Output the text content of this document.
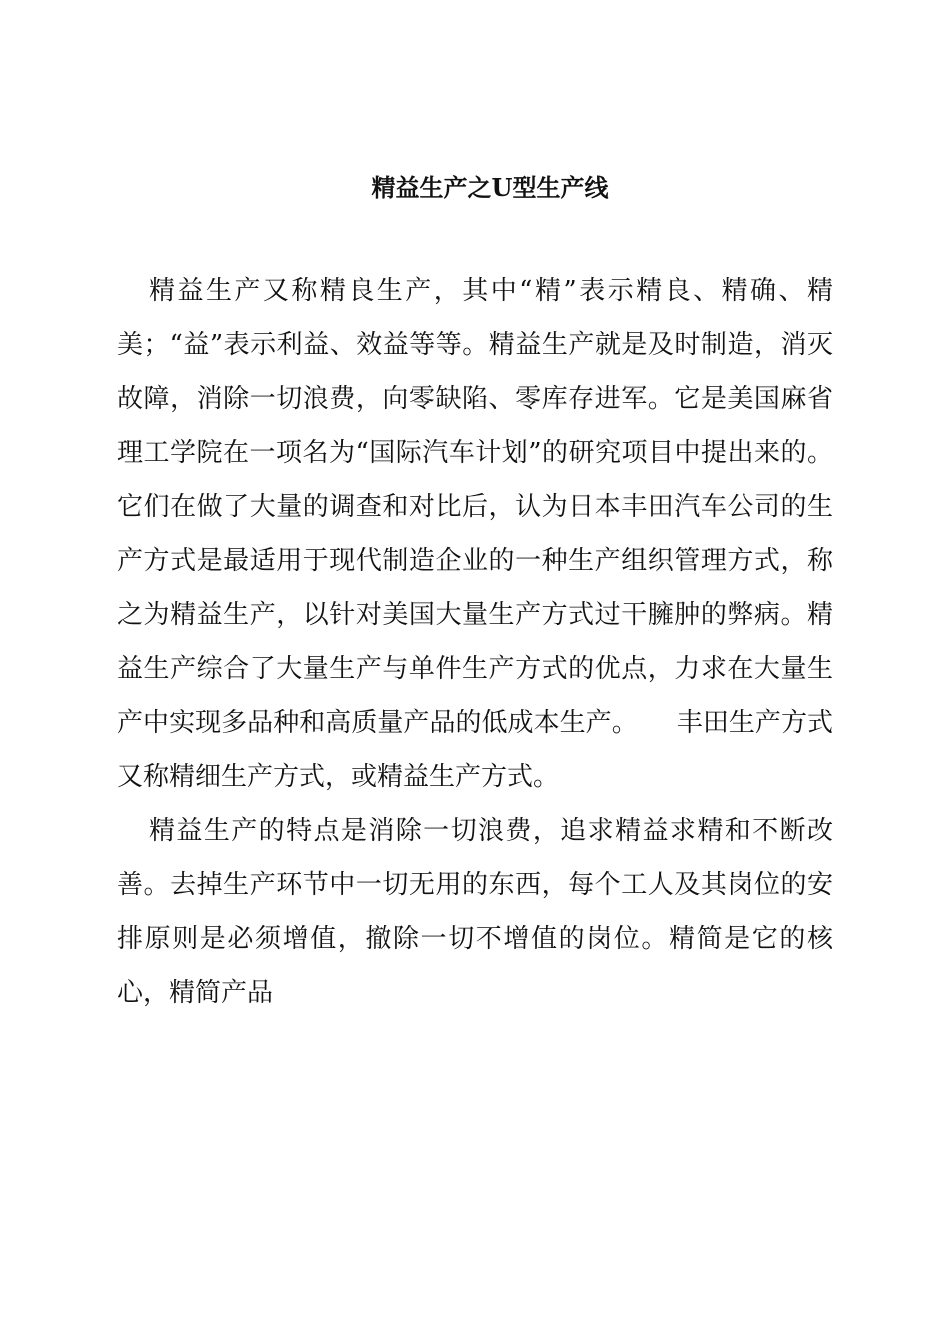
精益生产之U型生产线

精益生产又称精良生产，其中“精”表示精良、精确、精美；“益”表示利益、效益等等。精益生产就是及时制造，消灭故障，消除一切浪费，向零缺陷、零库存进军。它是美国麻省理工学院在一项名为“国际汽车计划”的研究项目中提出来的。它们在做了大量的调查和对比后，认为日本丰田汽车公司的生产方式是最适用于现代制造企业的一种生产组织管理方式，称之为精益生产，以针对美国大量生产方式过干臃肿的弊病。精益生产综合了大量生产与单件生产方式的优点，力求在大量生产中实现多品种和高质量产品的低成本生产。　　丰田生产方式又称精细生产方式，或精益生产方式。

精益生产的特点是消除一切浪费，追求精益求精和不断改善。去掉生产环节中一切无用的东西，每个工人及其岗位的安排原则是必须增值，撤除一切不增值的岗位。精简是它的核心，精简产品
